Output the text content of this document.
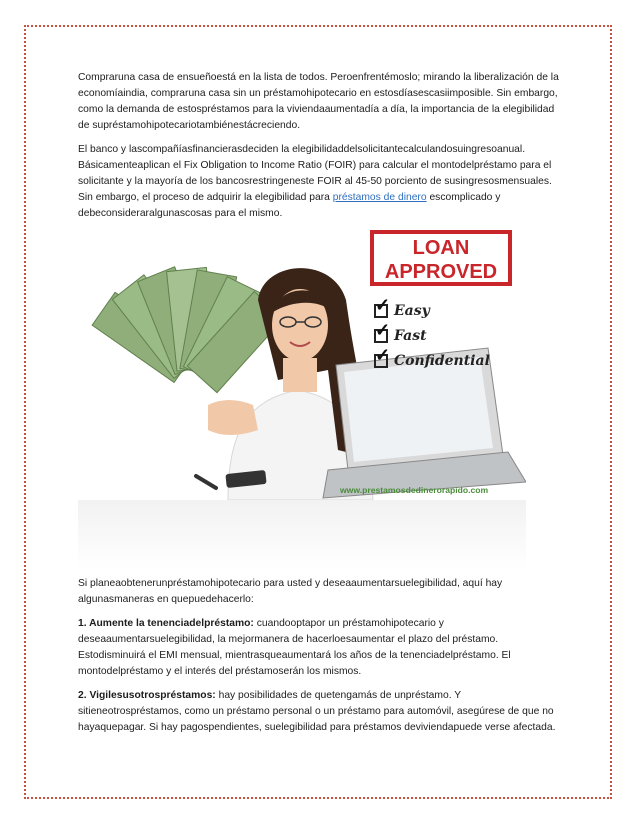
Compraruna casa de ensueñoestá en la lista de todos. Peroenfrentémoslo; mirando la liberalización de la economíaindia, compraruna casa sin un préstamohipotecario en estosdíasescasiimposible. Sin embargo, como la demanda de estospréstamos para la viviendaaumentadía a día, la importancia de la elegibilidad de supréstamohipotecariotambiénestácreciendo.

El banco y lascompañíasfinancierasdeciden la elegibilidaddelsolicitantecalculandosuingresoanual. Básicamenteaplican el Fix Obligation to Income Ratio (FOIR) para calcular el montodelpréstamo para el solicitante y la mayoría de los bancosrestringeneste FOIR al 45-50 porciento de susingresosmensuales. Sin embargo, el proceso de adquirir la elegibilidad para préstamos de dinero escomplicado y debeconsideraralgunascosas para el mismo.

LOAN
APPROVED
✓
Easy
✓
Fast
✓
Confidential
www.prestamosdedinerorapido.com

Si planeaobtenerunpréstamohipotecario para usted y deseaaumentarsuelegibilidad, aquí hay algunasmaneras en quepuedehacerlo:

1. Aumente la tenenciadelpréstamo: cuandooptapor un préstamohipotecario y deseaaumentarsuelegibilidad, la mejormanera de hacerloesaumentar el plazo del préstamo. Estodisminuirá el EMI mensual, mientrasqueaumentará los años de la tenenciadelpréstamo. El montodelpréstamo y el interés del préstamoserán los mismos.

2. Vigilesusotrospréstamos: hay posibilidades de quetengamás de unpréstamo. Y sitieneotrospréstamos, como un préstamo personal o un préstamo para automóvil, asegúrese de que no hayaquepagar. Si hay pagospendientes, suelegibilidad para préstamos deviviendapuede verse afectada.
